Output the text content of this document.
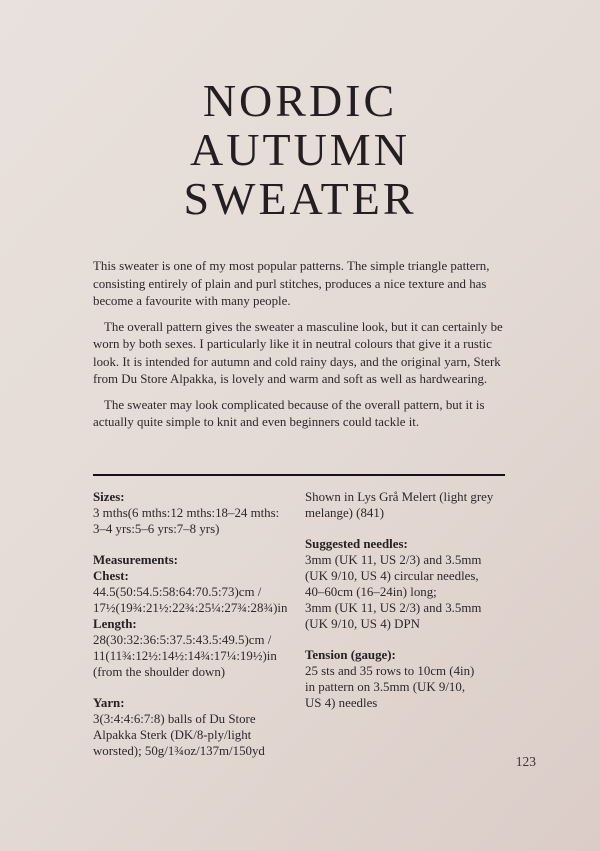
NORDIC
AUTUMN
SWEATER

This sweater is one of my most popular patterns. The simple triangle pattern, consisting entirely of plain and purl stitches, produces a nice texture and has become a favourite with many people.

The overall pattern gives the sweater a masculine look, but it can certainly be worn by both sexes. I particularly like it in neutral colours that give it a rustic look. It is intended for autumn and cold rainy days, and the original yarn, Sterk from Du Store Alpakka, is lovely and warm and soft as well as hardwearing.

The sweater may look complicated because of the overall pattern, but it is actually quite simple to knit and even beginners could tackle it.

Sizes:
3 mths(6 mths:12 mths:18–24 mths:
3–4 yrs:5–6 yrs:7–8 yrs)
Measurements:
Chest:
44.5(50:54.5:58:64:70.5:73)cm /
17½(19¾:21½:22¾:25¼:27¾:28¾)in
Length:
28(30:32:36:5:37.5:43.5:49.5)cm /
11(11¾:12½:14½:14¾:17¼:19½)in
(from the shoulder down)
Yarn:
3(3:4:4:6:7:8) balls of Du Store
Alpakka Sterk (DK/8-ply/light
worsted); 50g/1¾oz/137m/150yd
Shown in Lys Grå Melert (light grey
melange) (841)
Suggested needles:
3mm (UK 11, US 2/3) and 3.5mm
(UK 9/10, US 4) circular needles,
40–60cm (16–24in) long;
3mm (UK 11, US 2/3) and 3.5mm
(UK 9/10, US 4) DPN
Tension (gauge):
25 sts and 35 rows to 10cm (4in)
in pattern on 3.5mm (UK 9/10,
US 4) needles
123
